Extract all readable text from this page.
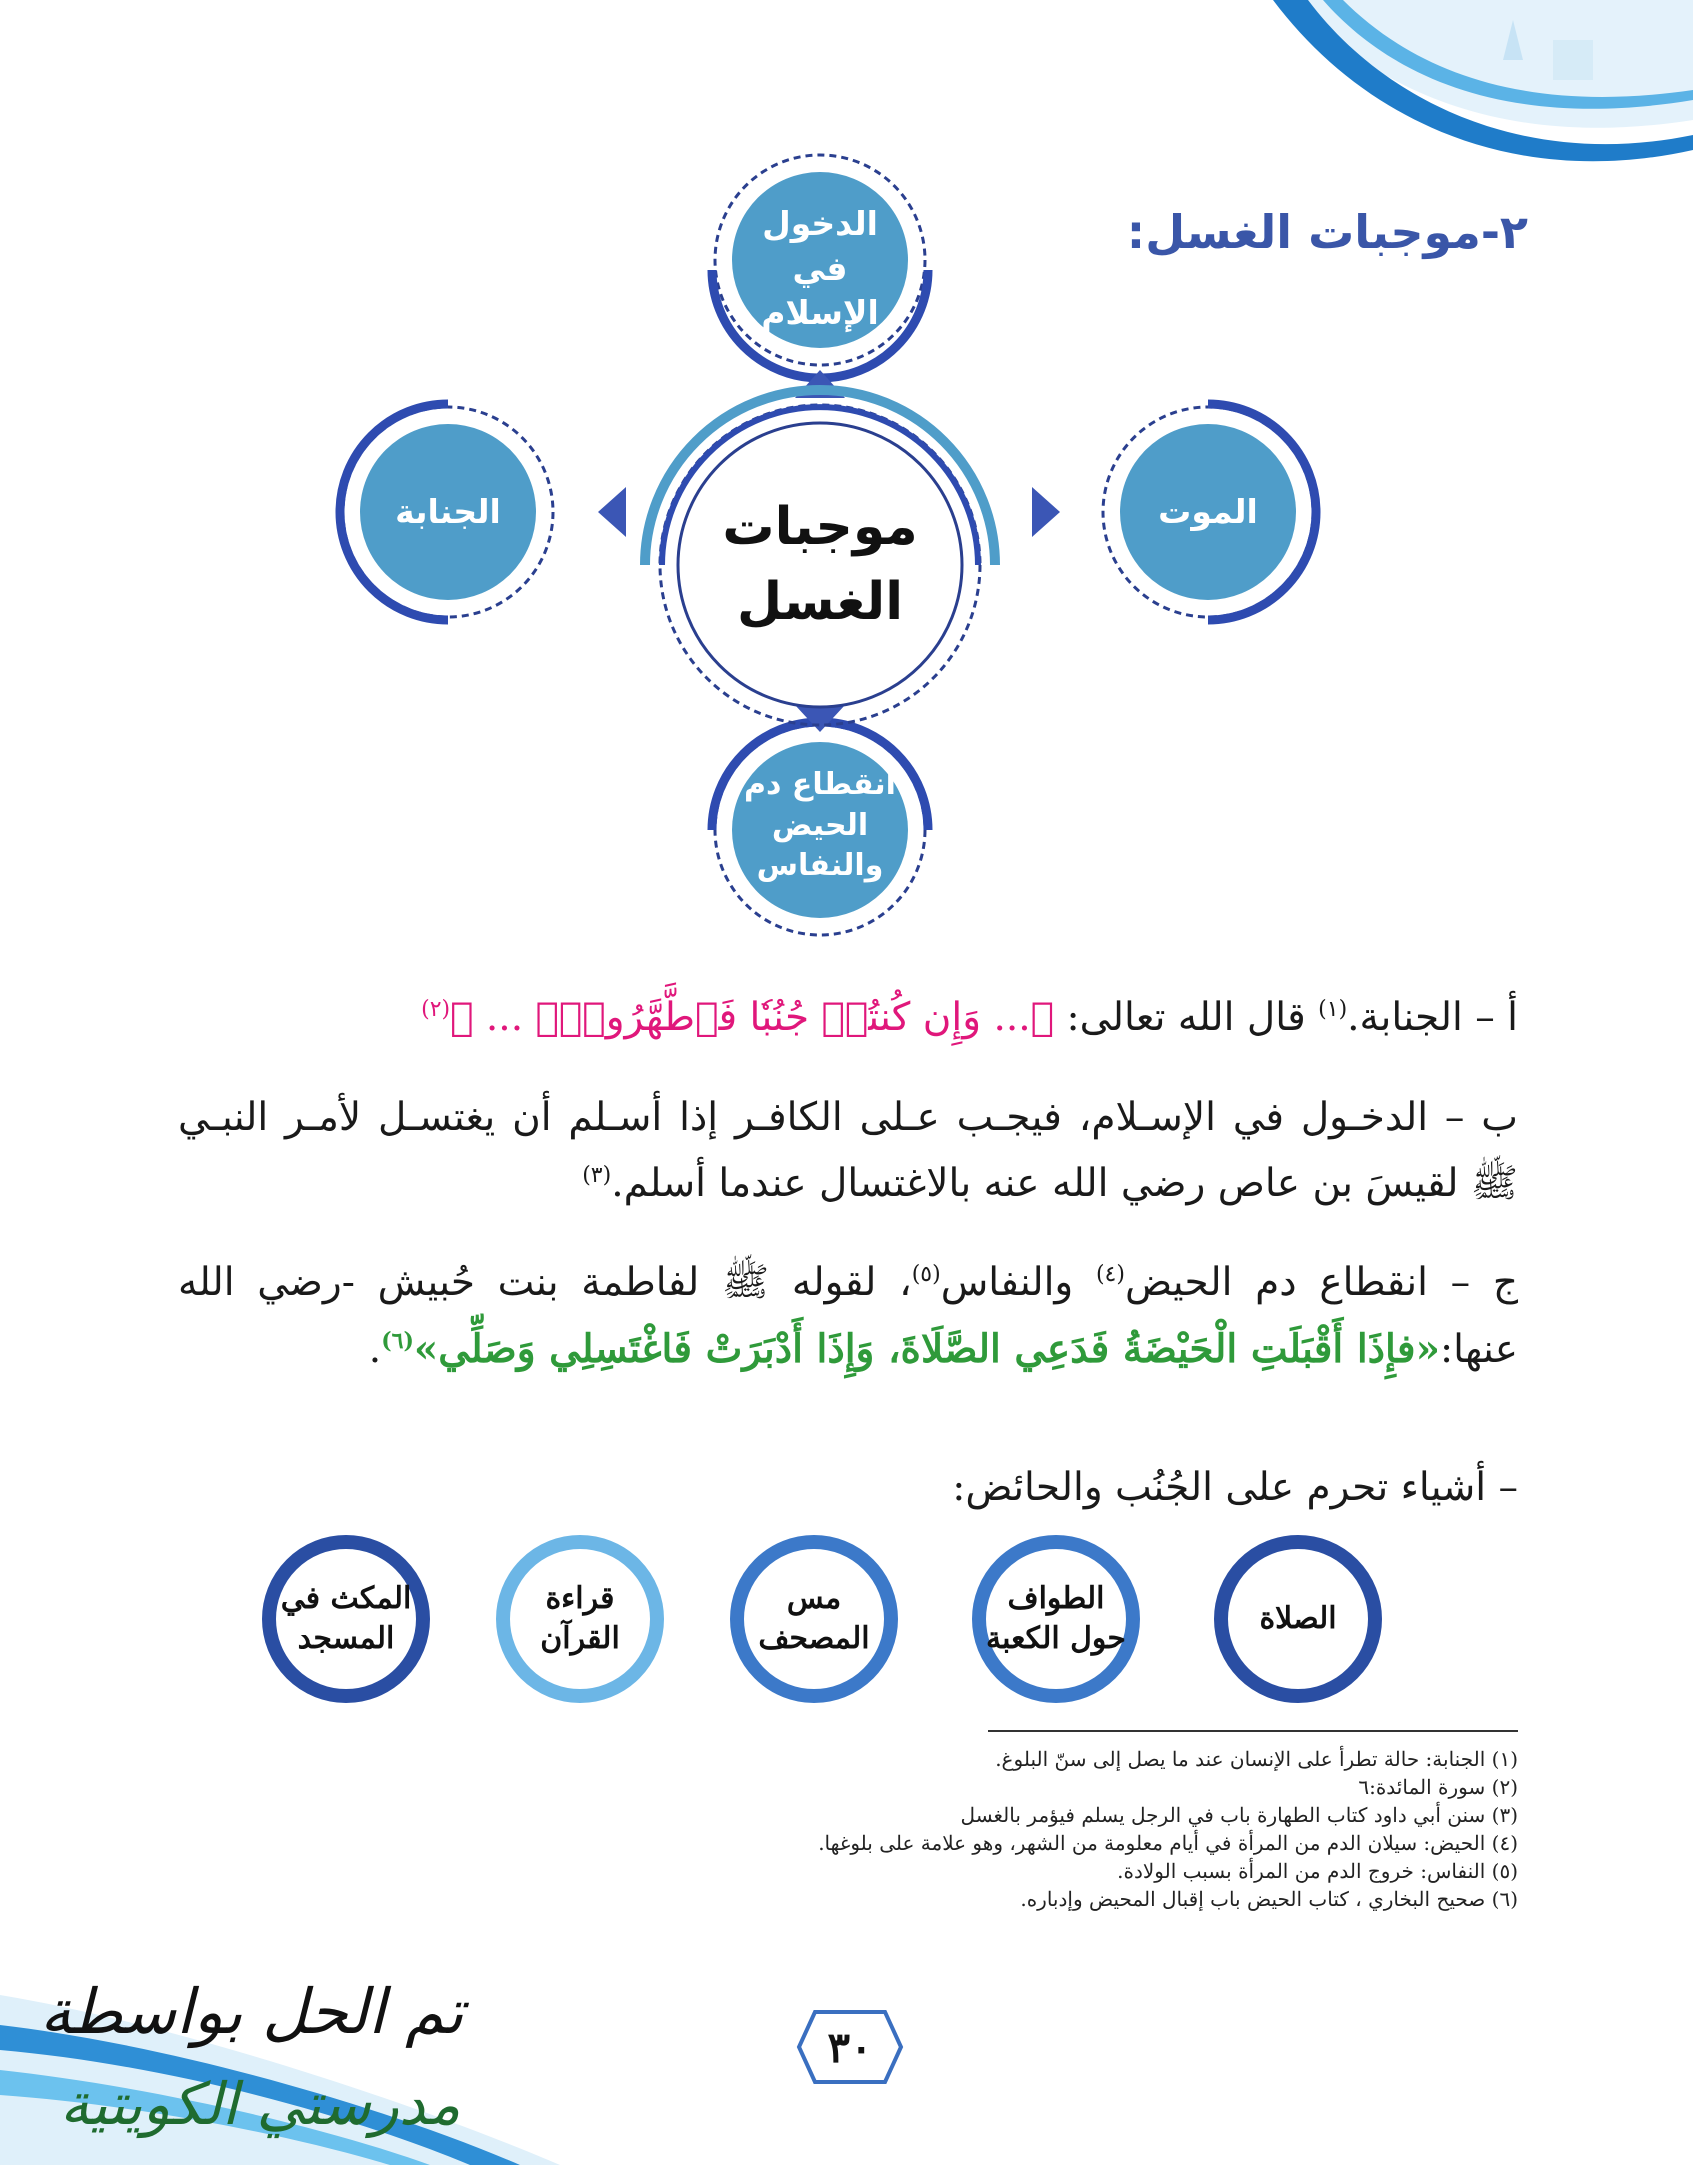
٢-موجبات الغسل:
الدخول في
الإسلام
الموت
الجنابة
انقطاع دم
الحيض
والنفاس
موجبات
الغسل
أ – الجنابة.$^{(١)}$ قال الله تعالى: ﴿... وَإِن كُنتُمۡ جُنُبٗا فَٱطَّهَّرُواْۚ ... ﴾$^{(٢)}$
ب – الدخـول في الإسـلام، فيجـب عـلى الكافـر إذا أسـلم أن يغتسـل لأمـر النبـي ﷺ لقيسَ بن عاص رضي الله عنه بالاغتسال عندما أسلم.$^{(٣)}$
ج – انقطاع دم الحيض$^{(٤)}$ والنفاس$^{(٥)}$، لقوله ﷺ لفاطمة بنت حُبيش -رضي الله عنها:«فإِذَا أَقْبَلَتِ الْحَيْضَةُ فَدَعِي الصَّلَاةَ، وَإِذَا أَدْبَرَتْ فَاغْتَسِلِي وَصَلِّي»$^{(٦)}$.
– أشياء تحرم على الجُنُب والحائض:
الصلاة
الطواف
حول الكعبة
مس
المصحف
قراءة القرآن
المكث في
المسجد
(١) الجنابة: حالة تطرأ على الإنسان عند ما يصل إلى سنّ البلوغ.
(٢) سورة المائدة:٦
(٣) سنن أبي داود كتاب الطهارة باب في الرجل يسلم فيؤمر بالغسل
(٤) الحيض: سيلان الدم من المرأة في أيام معلومة من الشهر، وهو علامة على بلوغها.
(٥) النفاس: خروج الدم من المرأة بسبب الولادة.
(٦) صحيح البخاري ، كتاب الحيض باب إقبال المحيض وإدباره.
٣٠
تم الحل بواسطة
مدرستي الكويتية
